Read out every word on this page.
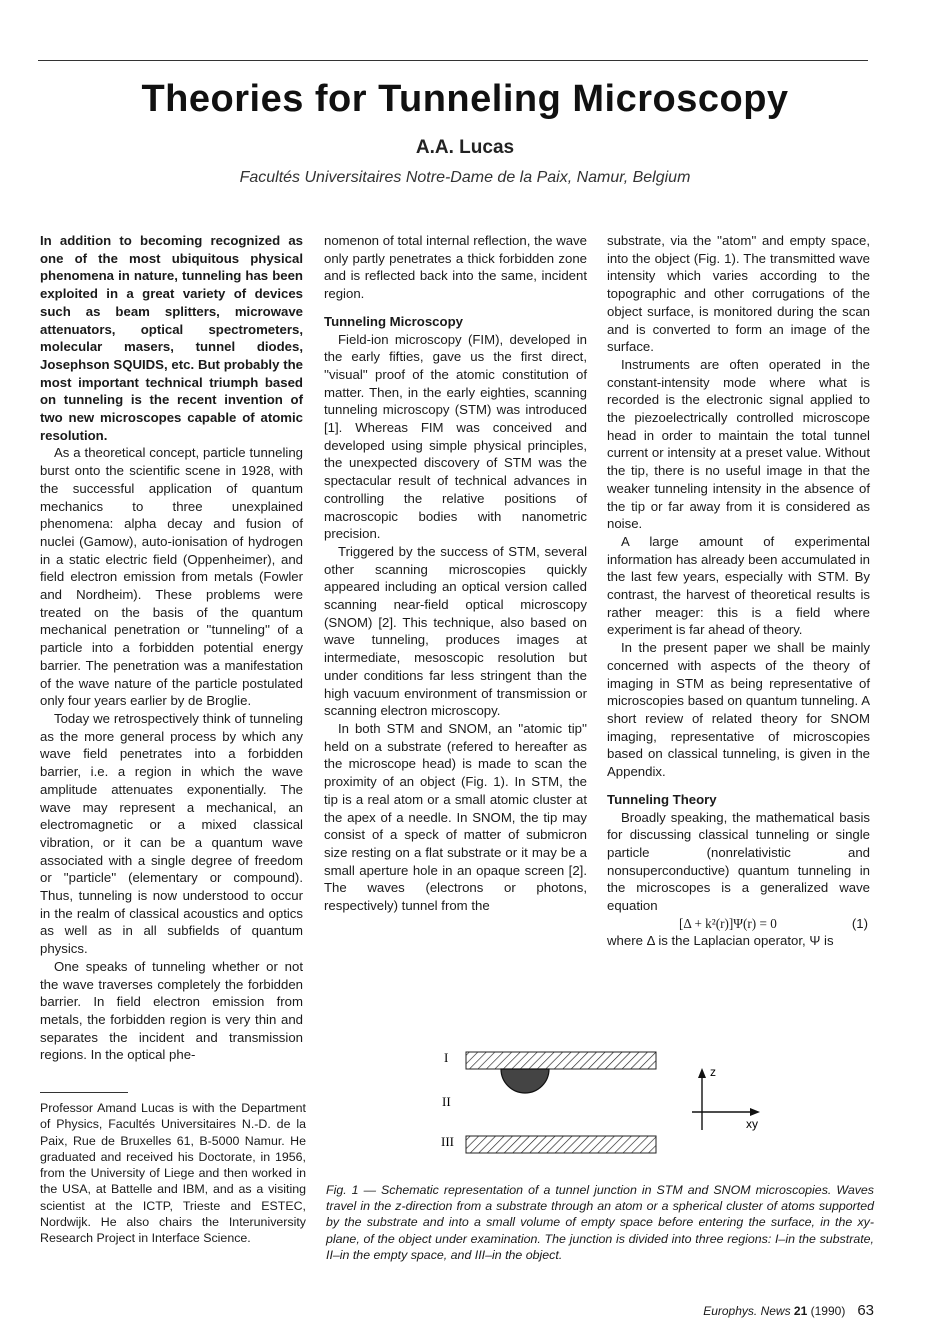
Theories for Tunneling Microscopy
A.A. Lucas
Facultés Universitaires Notre-Dame de la Paix, Namur, Belgium

In addition to becoming recognized as one of the most ubiquitous physical phenomena in nature, tunneling has been exploited in a great variety of devices such as beam splitters, microwave attenuators, optical spectrometers, molecular masers, tunnel diodes, Josephson SQUIDS, etc. But probably the most important technical triumph based on tunneling is the recent invention of two new microscopes capable of atomic resolution.

As a theoretical concept, particle tunneling burst onto the scientific scene in 1928, with the successful application of quantum mechanics to three unexplained phenomena: alpha decay and fusion of nuclei (Gamow), auto-ionisation of hydrogen in a static electric field (Oppenheimer), and field electron emission from metals (Fowler and Nordheim). These problems were treated on the basis of the quantum mechanical penetration or ''tunneling'' of a particle into a forbidden potential energy barrier. The penetration was a manifestation of the wave nature of the particle postulated only four years earlier by de Broglie.

Today we retrospectively think of tunneling as the more general process by which any wave field penetrates into a forbidden barrier, i.e. a region in which the wave amplitude attenuates exponentially. The wave may represent a mechanical, an electromagnetic or a mixed classical vibration, or it can be a quantum wave associated with a single degree of freedom or ''particle'' (elementary or compound). Thus, tunneling is now understood to occur in the realm of classical acoustics and optics as well as in all subfields of quantum physics.

One speaks of tunneling whether or not the wave traverses completely the forbidden barrier. In field electron emission from metals, the forbidden region is very thin and separates the incident and transmission regions. In the optical phe-

Professor Amand Lucas is with the Department of Physics, Facultés Universitaires N.-D. de la Paix, Rue de Bruxelles 61, B-5000 Namur. He graduated and received his Doctorate, in 1956, from the University of Liege and then worked in the USA, at Battelle and IBM, and as a visiting scientist at the ICTP, Trieste and ESTEC, Nordwijk. He also chairs the Interuniversity Research Project in Interface Science.

nomenon of total internal reflection, the wave only partly penetrates a thick forbidden zone and is reflected back into the same, incident region.

Tunneling Microscopy

Field-ion microscopy (FIM), developed in the early fifties, gave us the first direct, ''visual'' proof of the atomic constitution of matter. Then, in the early eighties, scanning tunneling microscopy (STM) was introduced [1]. Whereas FIM was conceived and developed using simple physical principles, the unexpected discovery of STM was the spectacular result of technical advances in controlling the relative positions of macroscopic bodies with nanometric precision.

Triggered by the success of STM, several other scanning microscopies quickly appeared including an optical version called scanning near-field optical microscopy (SNOM) [2]. This technique, also based on wave tunneling, produces images at intermediate, mesoscopic resolution but under conditions far less stringent than the high vacuum environment of transmission or scanning electron microscopy.

In both STM and SNOM, an ''atomic tip'' held on a substrate (refered to hereafter as the microscope head) is made to scan the proximity of an object (Fig. 1). In STM, the tip is a real atom or a small atomic cluster at the apex of a needle. In SNOM, the tip may consist of a speck of matter of submicron size resting on a flat substrate or it may be a small aperture hole in an opaque screen [2]. The waves (electrons or photons, respectively) tunnel from the

substrate, via the ''atom'' and empty space, into the object (Fig. 1). The transmitted wave intensity which varies according to the topographic and other corrugations of the object surface, is monitored during the scan and is converted to form an image of the surface.

Instruments are often operated in the constant-intensity mode where what is recorded is the electronic signal applied to the piezoelectrically controlled microscope head in order to maintain the total tunnel current or intensity at a preset value. Without the tip, there is no useful image in that the weaker tunneling intensity in the absence of the tip or far away from it is considered as noise.

A large amount of experimental information has already been accumulated in the last few years, especially with STM. By contrast, the harvest of theoretical results is rather meager: this is a field where experiment is far ahead of theory.

In the present paper we shall be mainly concerned with aspects of the theory of imaging in STM as being representative of microscopies based on quantum tunneling. A short review of related theory for SNOM imaging, representative of microscopies based on classical tunneling, is given in the Appendix.

Tunneling Theory

Broadly speaking, the mathematical basis for discussing classical tunneling or single particle (nonrelativistic and nonsuperconductive) quantum tunneling in the microscopes is a generalized wave equation

[Δ + k²(r)]Ψ(r) = 0	(1)

where Δ is the Laplacian operator, Ψ is

I
II
III
z
xy
Fig. 1 — Schematic representation of a tunnel junction in STM and SNOM microscopies. Waves travel in the z-direction from a substrate through an atom or a spherical cluster of atoms supported by the substrate and into a small volume of empty space before entering the surface, in the xy-plane, of the object under examination. The junction is divided into three regions: I–in the substrate, II–in the empty space, and III–in the object.
Europhys. News 21 (1990) 63
